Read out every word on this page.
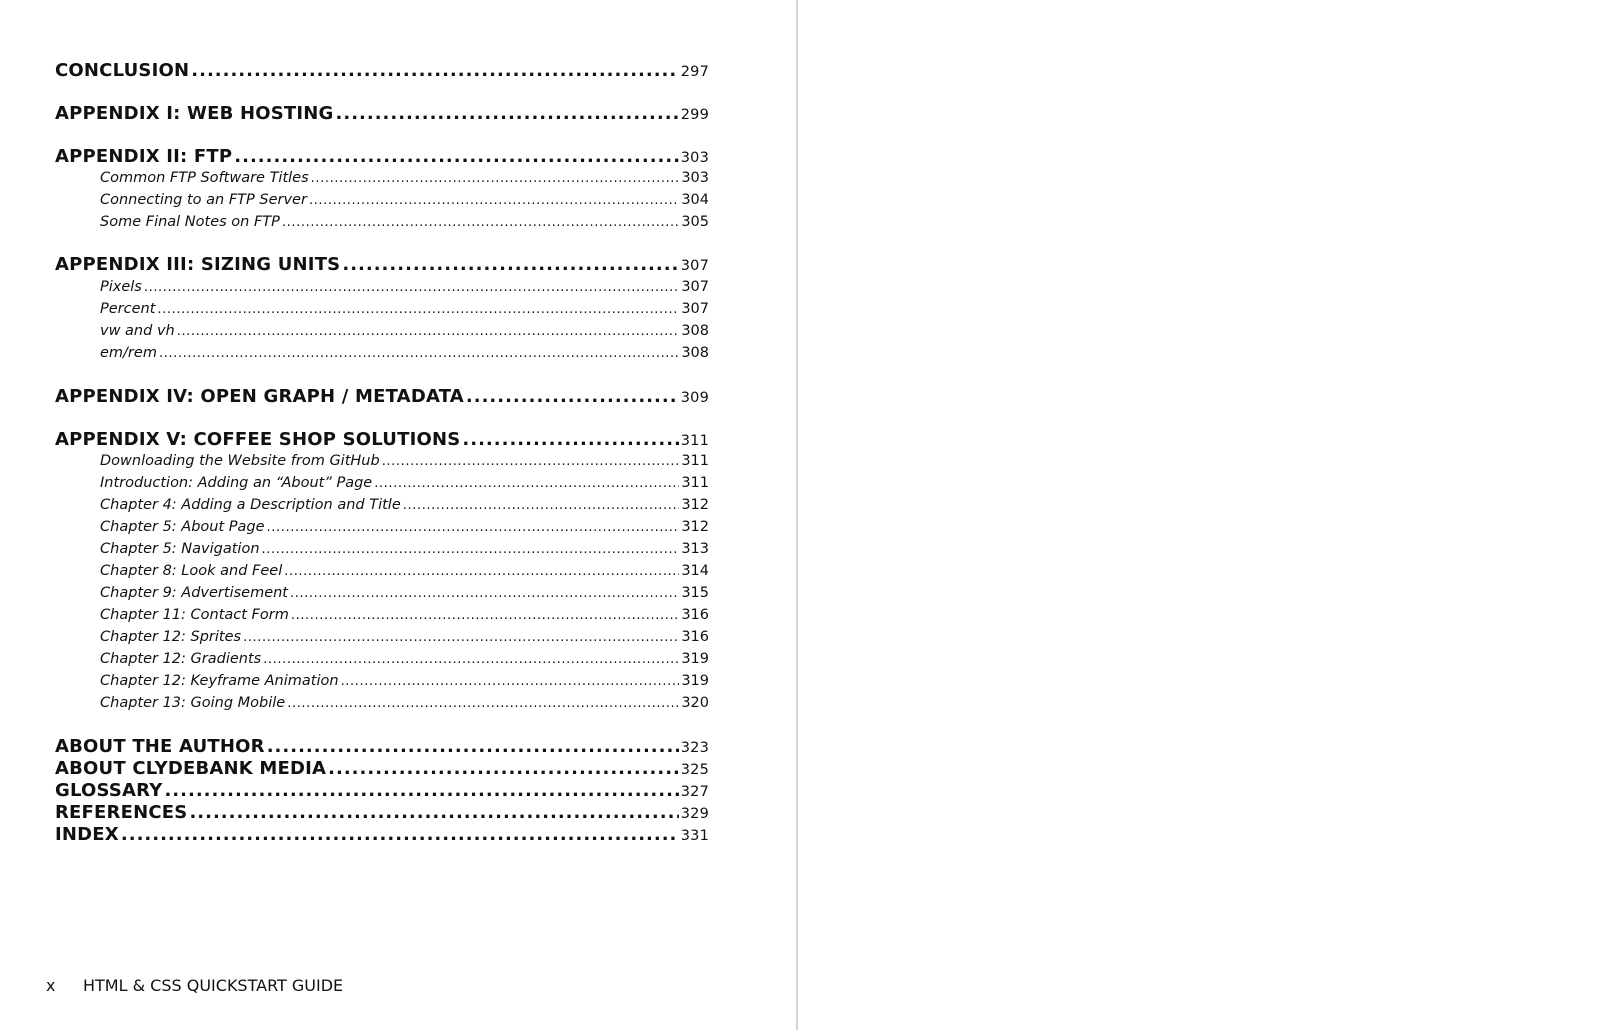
CONCLUSION .....	297
APPENDIX I: WEB HOSTING .....	299
APPENDIX II: FTP .....	303
Common FTP Software Titles .....	303
Connecting to an FTP Server .....	304
Some Final Notes on FTP .....	305
APPENDIX III: SIZING UNITS .....	307
Pixels .....	307
Percent .....	307
vw and vh .....	308
em/rem .....	308
APPENDIX IV: OPEN GRAPH / METADATA .....	309
APPENDIX V: COFFEE SHOP SOLUTIONS .....	311
Downloading the Website from GitHub .....	311
Introduction: Adding an “About” Page .....	311
Chapter 4: Adding a Description and Title .....	312
Chapter 5: About Page .....	312
Chapter 5: Navigation .....	313
Chapter 8: Look and Feel .....	314
Chapter 9: Advertisement .....	315
Chapter 11: Contact Form .....	316
Chapter 12: Sprites .....	316
Chapter 12: Gradients .....	319
Chapter 12: Keyframe Animation .....	319
Chapter 13: Going Mobile .....	320
ABOUT THE AUTHOR .....	323
ABOUT CLYDEBANK MEDIA .....	325
GLOSSARY .....	327
REFERENCES .....	329
INDEX .....	331
x	HTML & CSS QUICKSTART GUIDE
